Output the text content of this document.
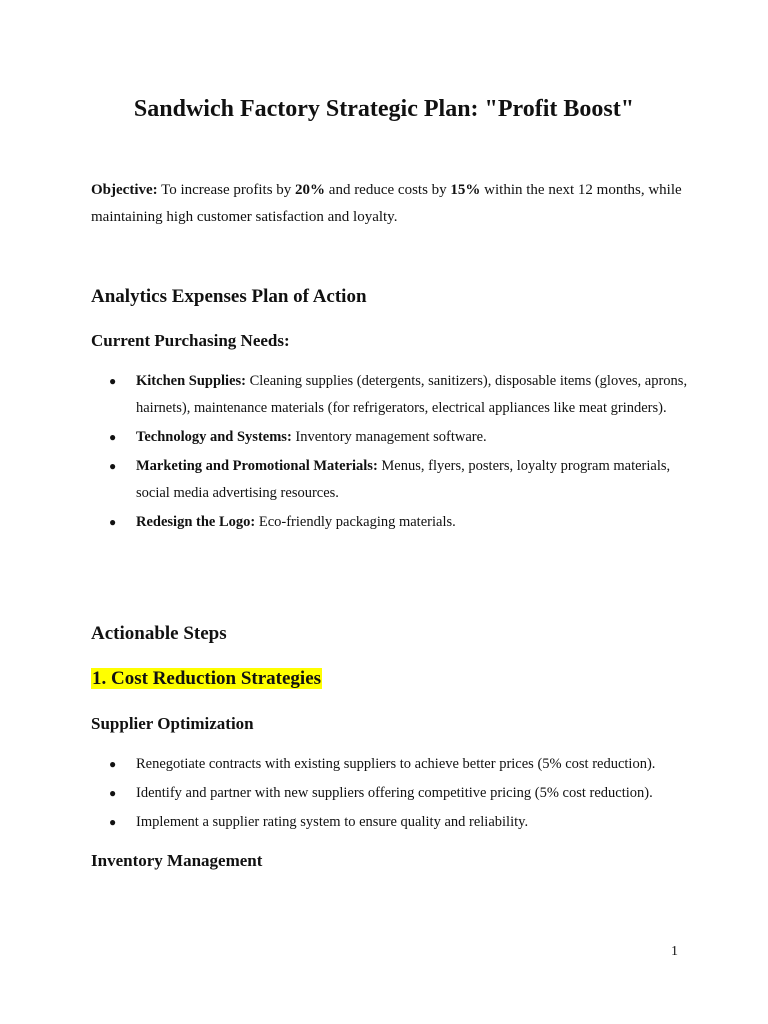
Sandwich Factory Strategic Plan: "Profit Boost"

Objective: To increase profits by 20% and reduce costs by 15% within the next 12 months, while maintaining high customer satisfaction and loyalty.

Analytics Expenses Plan of Action
Current Purchasing Needs:
● Kitchen Supplies: Cleaning supplies (detergents, sanitizers), disposable items (gloves, aprons, hairnets), maintenance materials (for refrigerators, electrical appliances like meat grinders).
● Technology and Systems: Inventory management software.
● Marketing and Promotional Materials: Menus, flyers, posters, loyalty program materials, social media advertising resources.
● Redesign the Logo: Eco-friendly packaging materials.
Actionable Steps
1. Cost Reduction Strategies
Supplier Optimization
● Renegotiate contracts with existing suppliers to achieve better prices (5% cost reduction).
● Identify and partner with new suppliers offering competitive pricing (5% cost reduction).
● Implement a supplier rating system to ensure quality and reliability.
Inventory Management
1
